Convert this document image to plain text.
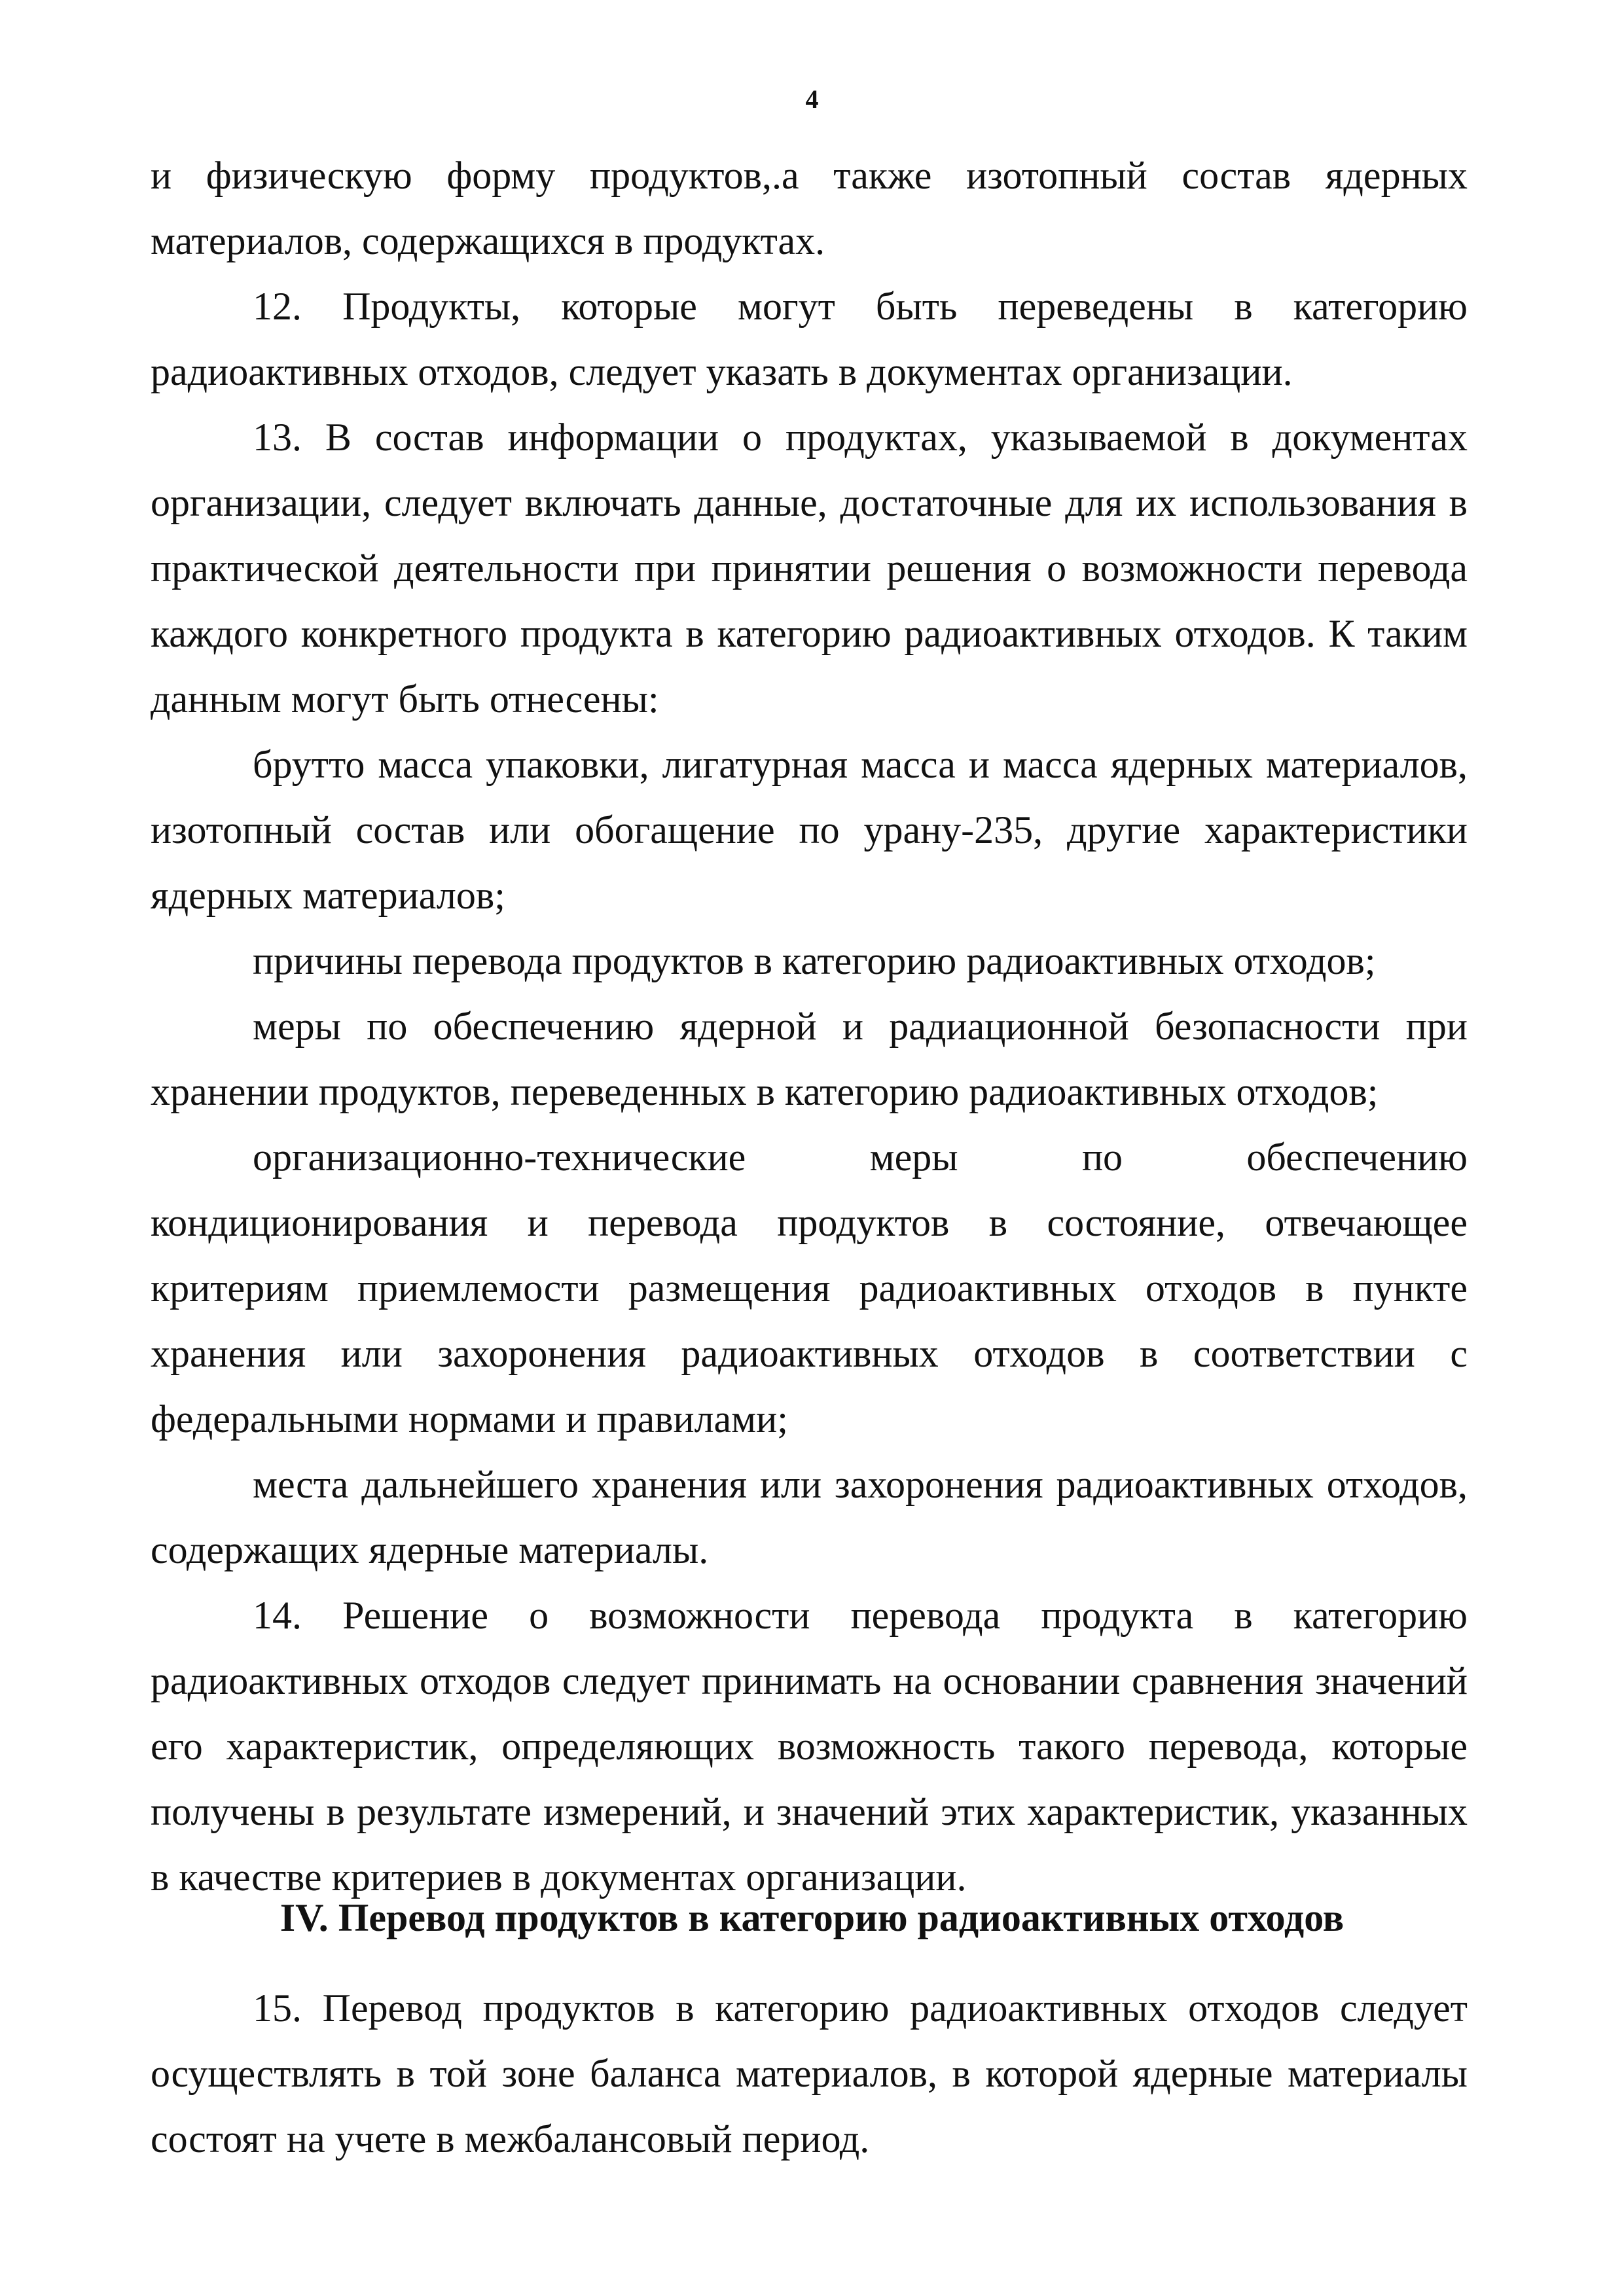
4

и физическую форму продуктов,.а также изотопный состав ядерных материалов, содержащихся в продуктах.

12. Продукты, которые могут быть переведены в категорию радиоактивных отходов, следует указать в документах организации.

13. В состав информации о продуктах, указываемой в документах организации, следует включать данные, достаточные для их использования в практической деятельности при принятии решения о возможности перевода каждого конкретного продукта в категорию радиоактивных отходов. К таким данным могут быть отнесены:

брутто масса упаковки, лигатурная масса и масса ядерных материалов, изотопный состав или обогащение по урану-235, другие характеристики ядерных материалов;

причины перевода продуктов в категорию радиоактивных отходов;

меры по обеспечению ядерной и радиационной безопасности при хранении продуктов, переведенных в категорию радиоактивных отходов;

организационно-технические меры по обеспечению кондиционирования и перевода продуктов в состояние, отвечающее критериям приемлемости размещения радиоактивных отходов в пункте хранения или захоронения радиоактивных отходов в соответствии с федеральными нормами и правилами;

места дальнейшего хранения или захоронения радиоактивных отходов, содержащих ядерные материалы.

14. Решение о возможности перевода продукта в категорию радиоактивных отходов следует принимать на основании сравнения значений его характеристик, определяющих возможность такого перевода, которые получены в результате измерений, и значений этих характеристик, указанных в качестве критериев в документах организации.

IV. Перевод продуктов в категорию радиоактивных отходов

15. Перевод продуктов в категорию радиоактивных отходов следует осуществлять в той зоне баланса материалов, в которой ядерные материалы состоят на учете в межбалансовый период.
